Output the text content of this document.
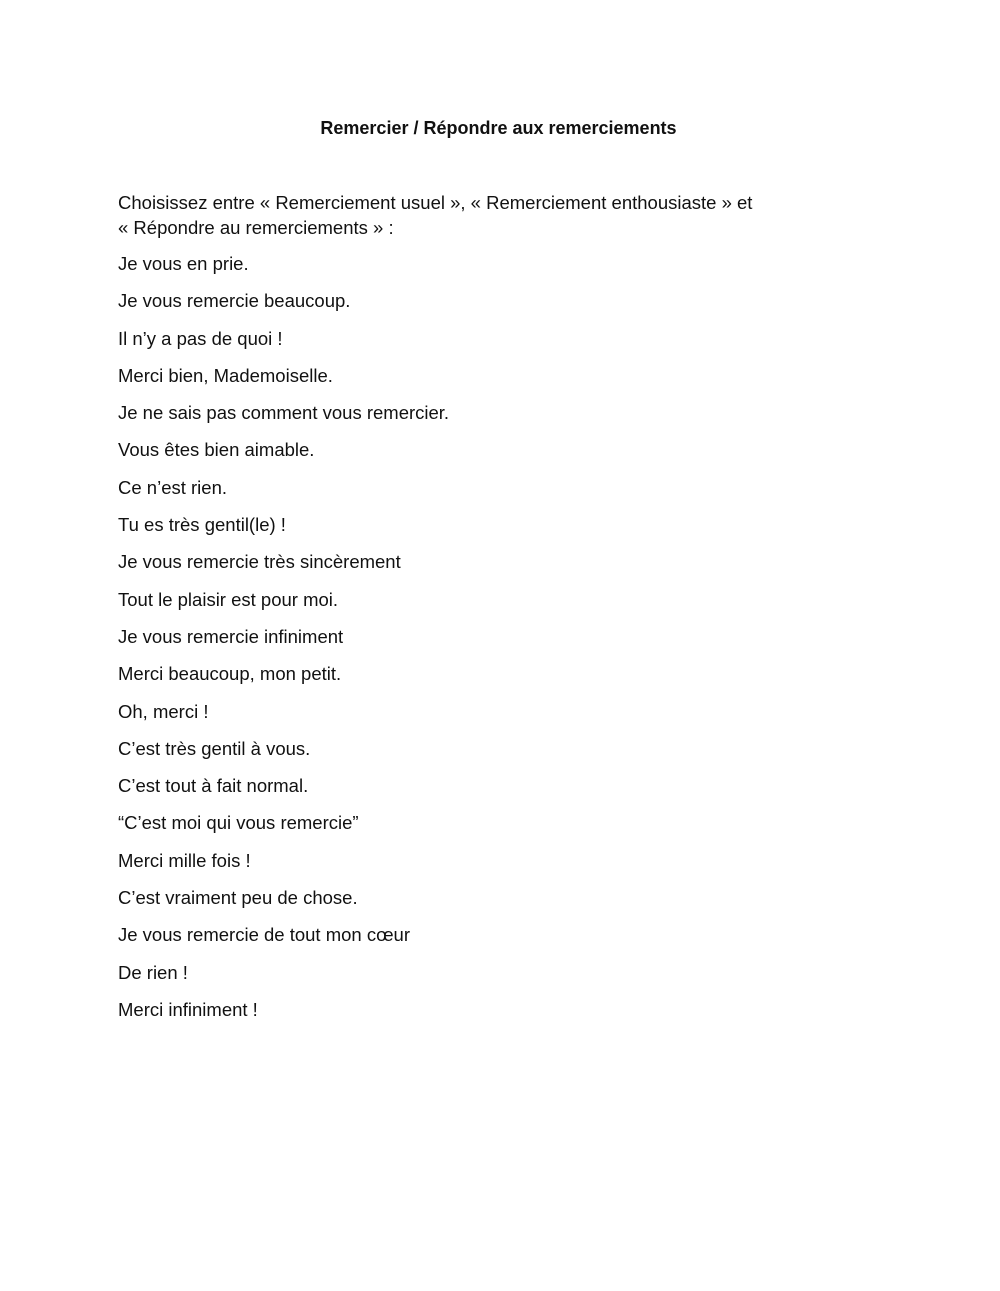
Remercier / Répondre aux remerciements

Choisissez entre « Remerciement usuel », « Remerciement enthousiaste » et
« Répondre au remerciements » :

Je vous en prie.
Je vous remercie beaucoup.
Il n’y a pas de quoi !
Merci bien, Mademoiselle.
Je ne sais pas comment vous remercier.
Vous êtes bien aimable.
Ce n’est rien.
Tu es très gentil(le) !
Je vous remercie très sincèrement
Tout le plaisir est pour moi.
Je vous remercie infiniment
Merci beaucoup, mon petit.
Oh, merci !
C’est très gentil à vous.
C’est tout à fait normal.
“C’est moi qui vous remercie”
Merci mille fois !
C’est vraiment peu de chose.
Je vous remercie de tout mon cœur
De rien !
Merci infiniment !
